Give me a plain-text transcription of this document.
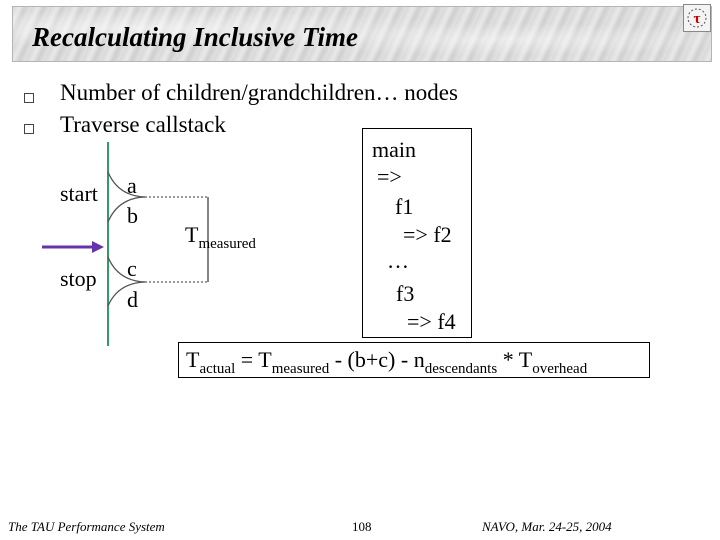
Recalculating Inclusive Time
τ
Number of children/grandchildren… nodes
Traverse callstack
start
stop
a
b
c
d
$T_{measured}$
main
=>
f1
=> f2
…
f3
=> f4
$T_{actual} = T_{measured} - (b+c) - n_{descendants} * T_{overhead}$
The TAU Performance System	108	NAVO, Mar. 24-25, 2004
